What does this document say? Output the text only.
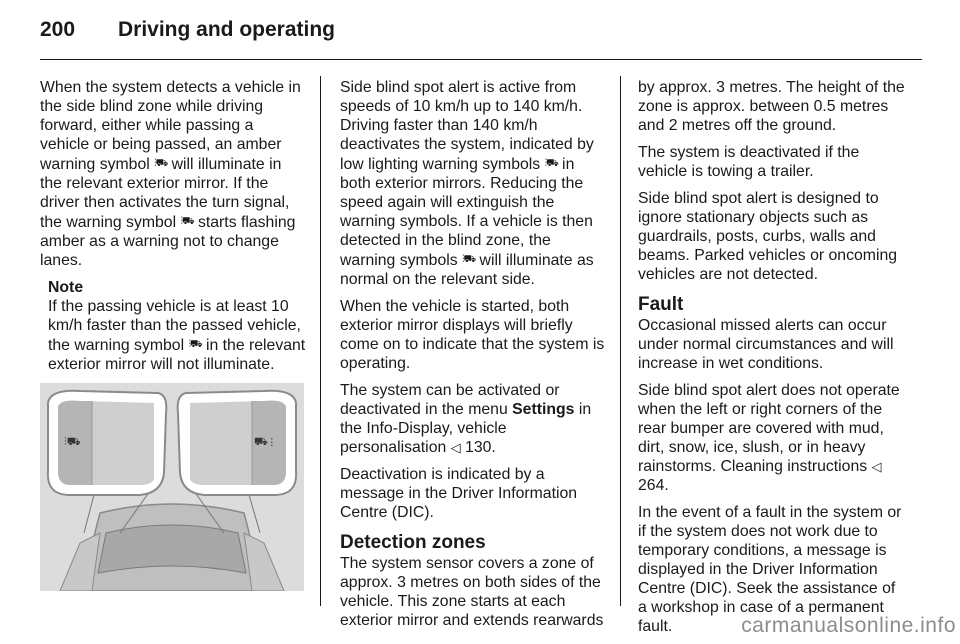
200 Driving and operating

When the system detects a vehicle in the side blind zone while driving forward, either while passing a vehicle or being passed, an amber warning symbol ⫶⛟ will illuminate in the relevant exterior mirror. If the driver then activates the turn signal, the warning symbol ⫶⛟ starts flashing amber as a warning not to change lanes.

Note
If the passing vehicle is at least 10 km/h faster than the passed vehicle, the warning symbol ⫶⛟ in the relevant exterior mirror will not illuminate.
⫶⛟	⛟⫶

Side blind spot alert is active from speeds of 10 km/h up to 140 km/h. Driving faster than 140 km/h deactivates the system, indicated by low lighting warning symbols ⫶⛟ in both exterior mirrors. Reducing the speed again will extinguish the warning symbols. If a vehicle is then detected in the blind zone, the warning symbols ⫶⛟ will illuminate as normal on the relevant side.

When the vehicle is started, both exterior mirror displays will briefly come on to indicate that the system is operating.

The system can be activated or deactivated in the menu Settings in the Info-Display, vehicle personalisation ◁ 130.

Deactivation is indicated by a message in the Driver Information Centre (DIC).

Detection zones

The system sensor covers a zone of approx. 3 metres on both sides of the vehicle. This zone starts at each exterior mirror and extends rearwards

by approx. 3 metres. The height of the zone is approx. between 0.5 metres and 2 metres off the ground.

The system is deactivated if the vehicle is towing a trailer.

Side blind spot alert is designed to ignore stationary objects such as guardrails, posts, curbs, walls and beams. Parked vehicles or oncoming vehicles are not detected.

Fault

Occasional missed alerts can occur under normal circumstances and will increase in wet conditions.

Side blind spot alert does not operate when the left or right corners of the rear bumper are covered with mud, dirt, snow, ice, slush, or in heavy rainstorms. Cleaning instructions ◁ 264.

In the event of a fault in the system or if the system does not work due to temporary conditions, a message is displayed in the Driver Information Centre (DIC). Seek the assistance of a workshop in case of a permanent fault.	carmanualsonline.info
